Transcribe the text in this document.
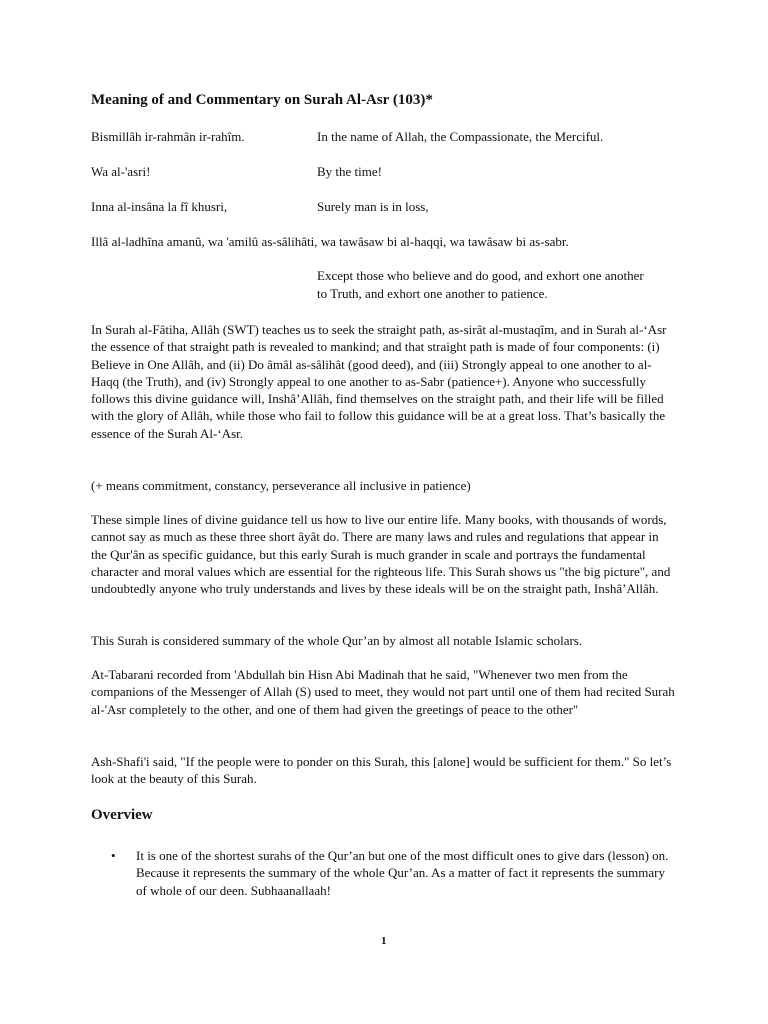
Meaning of and Commentary on Surah Al-Asr (103)*
Bismillâh ir-rahmân ir-rahîm.	In the name of Allah, the Compassionate, the Merciful.
Wa al-'asri!	By the time!
Inna al-insâna la fî khusri,	Surely man is in loss,
Illâ al-ladhîna amanû, wa 'amilû as-sâlihâti, wa tawâsaw bi al-haqqi, wa tawâsaw bi as-sabr.
Except those who believe and do good, and exhort one another to Truth, and exhort one another to patience.
In Surah al-Fâtiha, Allâh (SWT) teaches us to seek the straight path, as-sirât al-mustaqîm, and in Surah al-‘Asr the essence of that straight path is revealed to mankind; and that straight path is made of four components: (i) Believe in One Allâh, and (ii) Do âmâl as-sâlihât (good deed), and (iii) Strongly appeal to one another to al-Haqq (the Truth), and (iv) Strongly appeal to one another to as-Sabr (patience+). Anyone who successfully follows this divine guidance will, Inshâ’Allâh, find themselves on the straight path, and their life will be filled with the glory of Allâh, while those who fail to follow this guidance will be at a great loss. That’s basically the essence of the Surah Al-‘Asr.
(+ means commitment, constancy, perseverance all inclusive in patience)
These simple lines of divine guidance tell us how to live our entire life. Many books, with thousands of words, cannot say as much as these three short âyât do. There are many laws and rules and regulations that appear in the Qur'ân as specific guidance, but this early Surah is much grander in scale and portrays the fundamental character and moral values which are essential for the righteous life. This Surah shows us "the big picture", and undoubtedly anyone who truly understands and lives by these ideals will be on the straight path, Inshâ’Allâh.
This Surah is considered summary of the whole Qur’an by almost all notable Islamic scholars.
At-Tabarani recorded from 'Abdullah bin Hisn Abi Madinah that he said, "Whenever two men from the companions of the Messenger of Allah (S) used to meet, they would not part until one of them had recited Surah al-'Asr completely to the other, and one of them had given the greetings of peace to the other"
Ash-Shafi'i said, "If the people were to ponder on this Surah, this [alone] would be sufficient for them." So let’s look at the beauty of this Surah.
Overview
•	It is one of the shortest surahs of the Qur’an but one of the most difficult ones to give dars (lesson) on. Because it represents the summary of the whole Qur’an. As a matter of fact it represents the summary of whole of our deen. Subhaanallaah!
1
